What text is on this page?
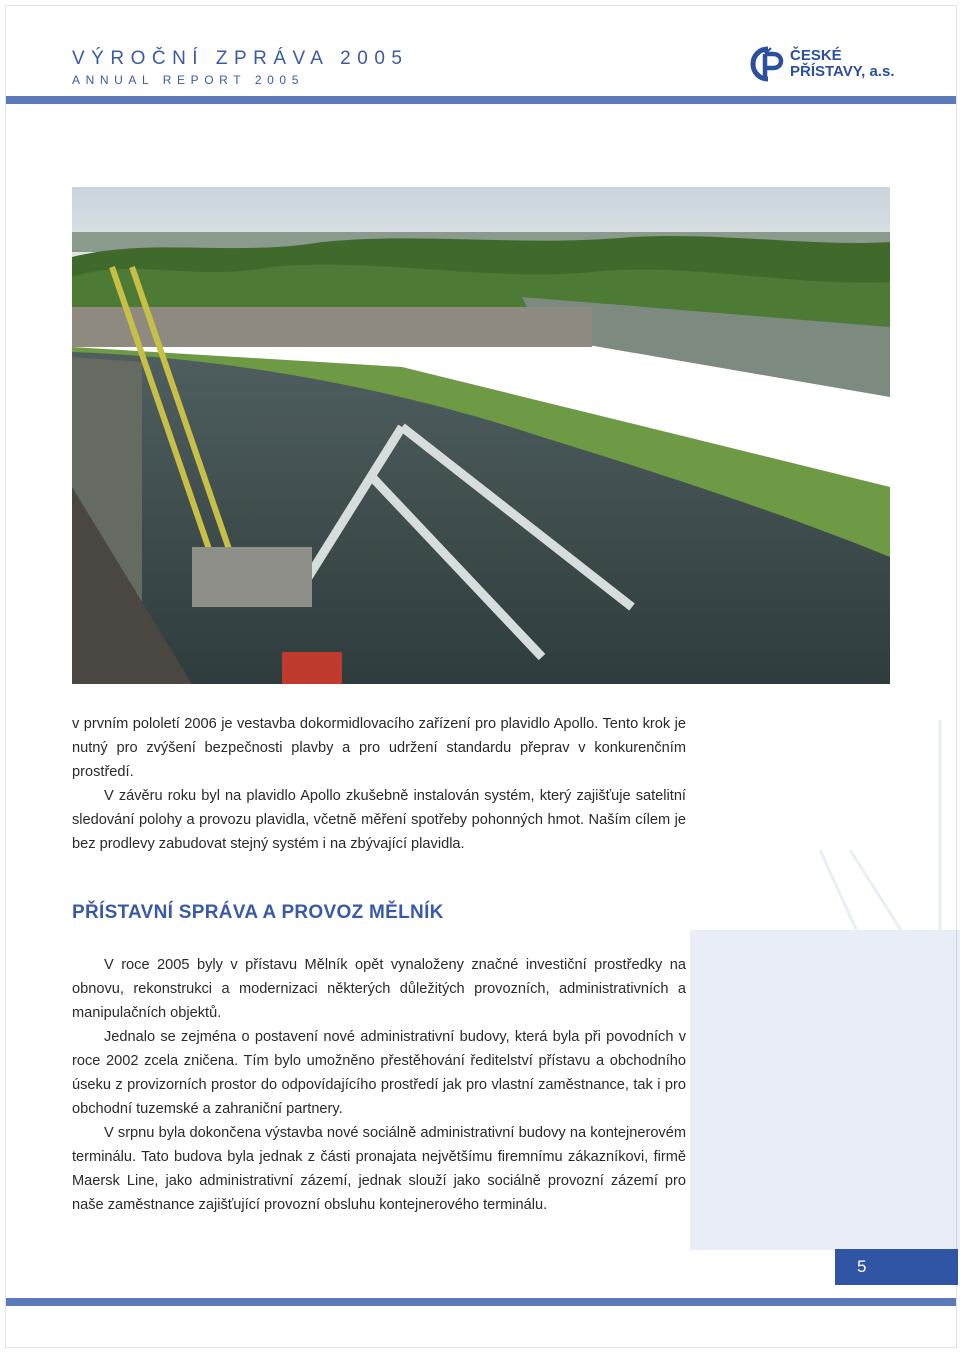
VÝROČNÍ ZPRÁVA 2005
ANNUAL REPORT 2005
ČESKÉ
PŘÍSTAVY, a.s.

v prvním pololetí 2006 je vestavba dokormidlovacího zařízení pro plavidlo Apollo. Tento krok je nutný pro zvýšení bezpečnosti plavby a pro udržení standardu přeprav v konkurenčním prostředí.

V závěru roku byl na plavidlo Apollo zkušebně instalován systém, který zajišťuje satelitní sledování polohy a provozu plavidla, včetně měření spotřeby pohonných hmot. Naším cílem je bez prodlevy zabudovat stejný systém i na zbývající plavidla.

PŘÍSTAVNÍ SPRÁVA A PROVOZ MĚLNÍK

V roce 2005 byly v přístavu Mělník opět vynaloženy značné investiční prostředky na obnovu, rekonstrukci a modernizaci některých důležitých provozních, administrativních a manipulačních objektů.

Jednalo se zejména o postavení nové administrativní budovy, která byla při povodních v roce 2002 zcela zničena. Tím bylo umožněno přestěhování ředitelství přístavu a obchodního úseku z provizorních prostor do odpovídajícího prostředí jak pro vlastní zaměstnance, tak i pro obchodní tuzemské a zahraniční partnery.

V srpnu byla dokončena výstavba nové sociálně administrativní budovy na kontejnerovém terminálu. Tato budova byla jednak z části pronajata největšímu firemnímu zákazníkovi, firmě Maersk Line, jako administrativní zázemí, jednak slouží jako sociálně provozní zázemí pro naše zaměstnance zajišťující provozní obsluhu kontejnerového terminálu.

5
